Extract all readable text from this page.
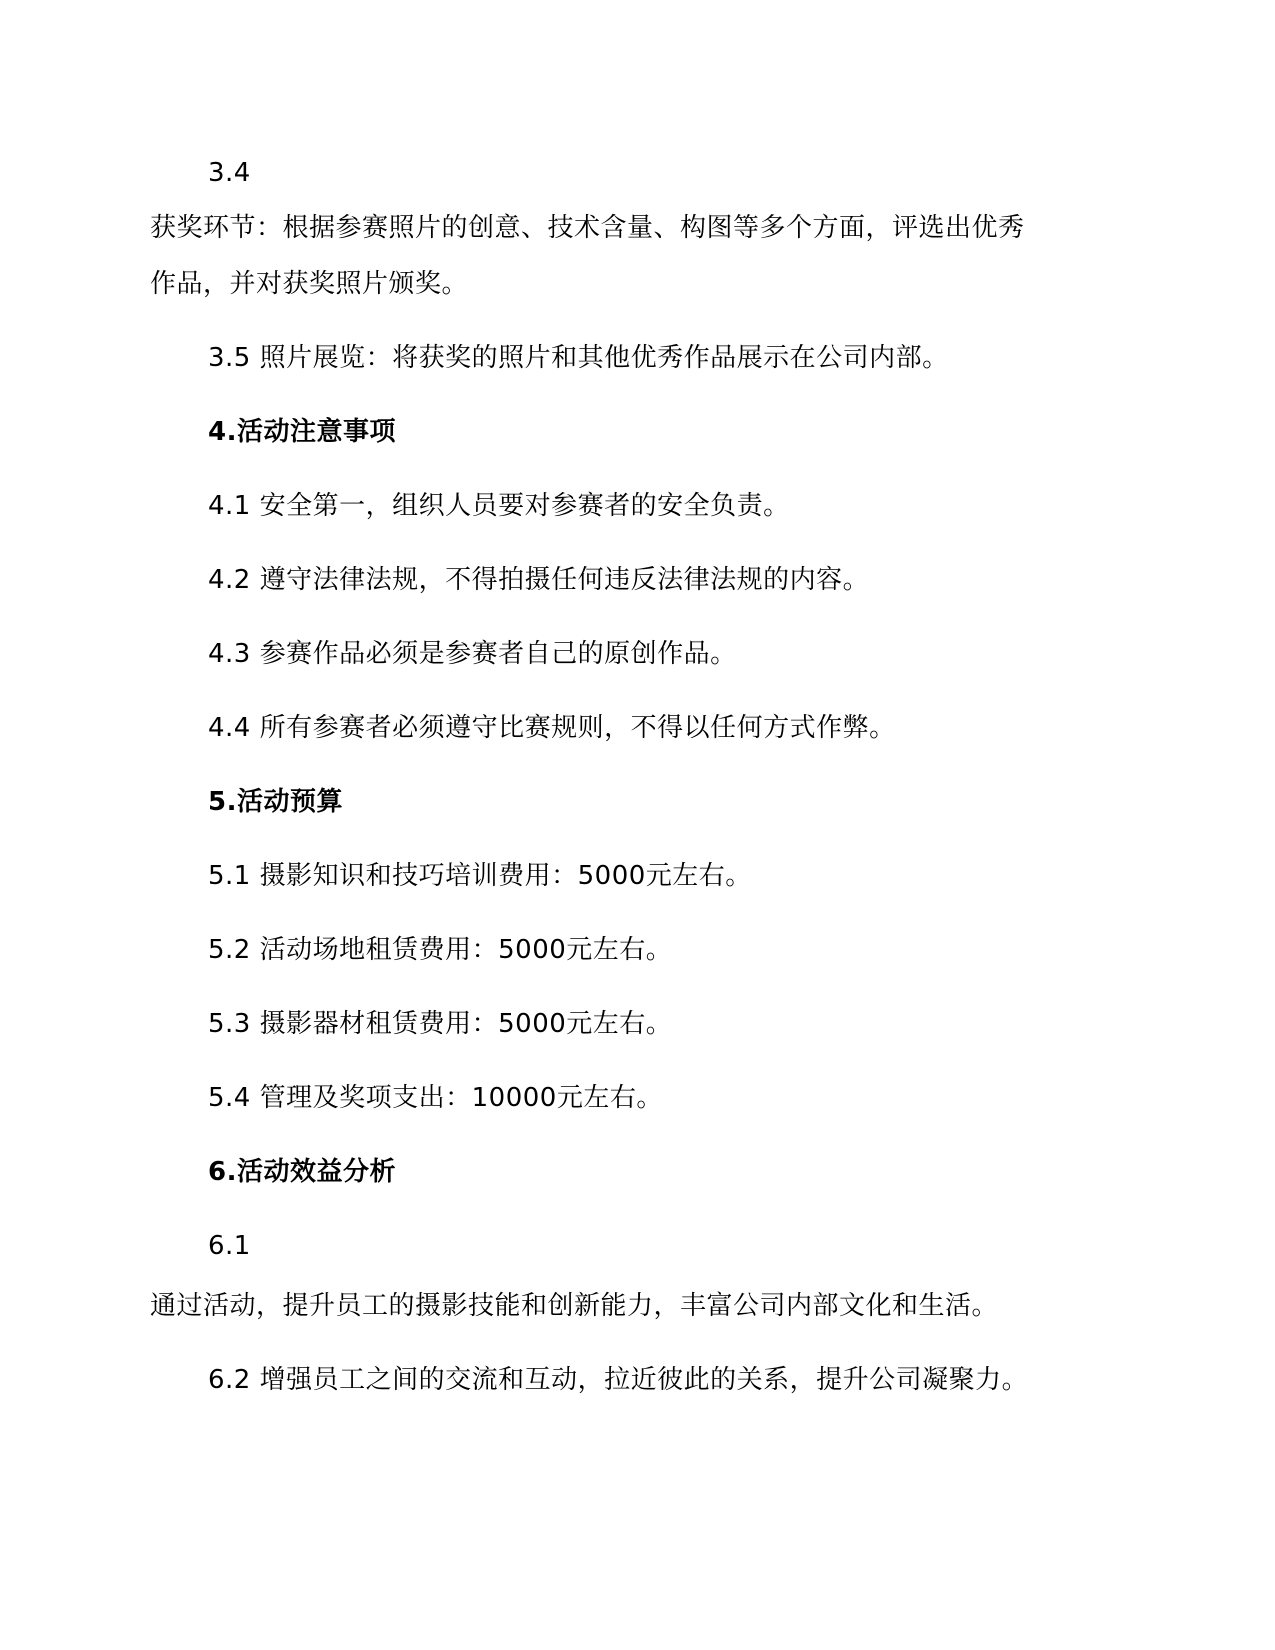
3.4
获奖环节：根据参赛照片的创意、技术含量、构图等多个方面，评选出优秀
作品，并对获奖照片颁奖。
3.5 照片展览：将获奖的照片和其他优秀作品展示在公司内部。
4.活动注意事项
4.1 安全第一，组织人员要对参赛者的安全负责。
4.2 遵守法律法规，不得拍摄任何违反法律法规的内容。
4.3 参赛作品必须是参赛者自己的原创作品。
4.4 所有参赛者必须遵守比赛规则，不得以任何方式作弊。
5.活动预算
5.1 摄影知识和技巧培训费用：5000元左右。
5.2 活动场地租赁费用：5000元左右。
5.3 摄影器材租赁费用：5000元左右。
5.4 管理及奖项支出：10000元左右。
6.活动效益分析
6.1
通过活动，提升员工的摄影技能和创新能力，丰富公司内部文化和生活。
6.2 增强员工之间的交流和互动，拉近彼此的关系，提升公司凝聚力。
